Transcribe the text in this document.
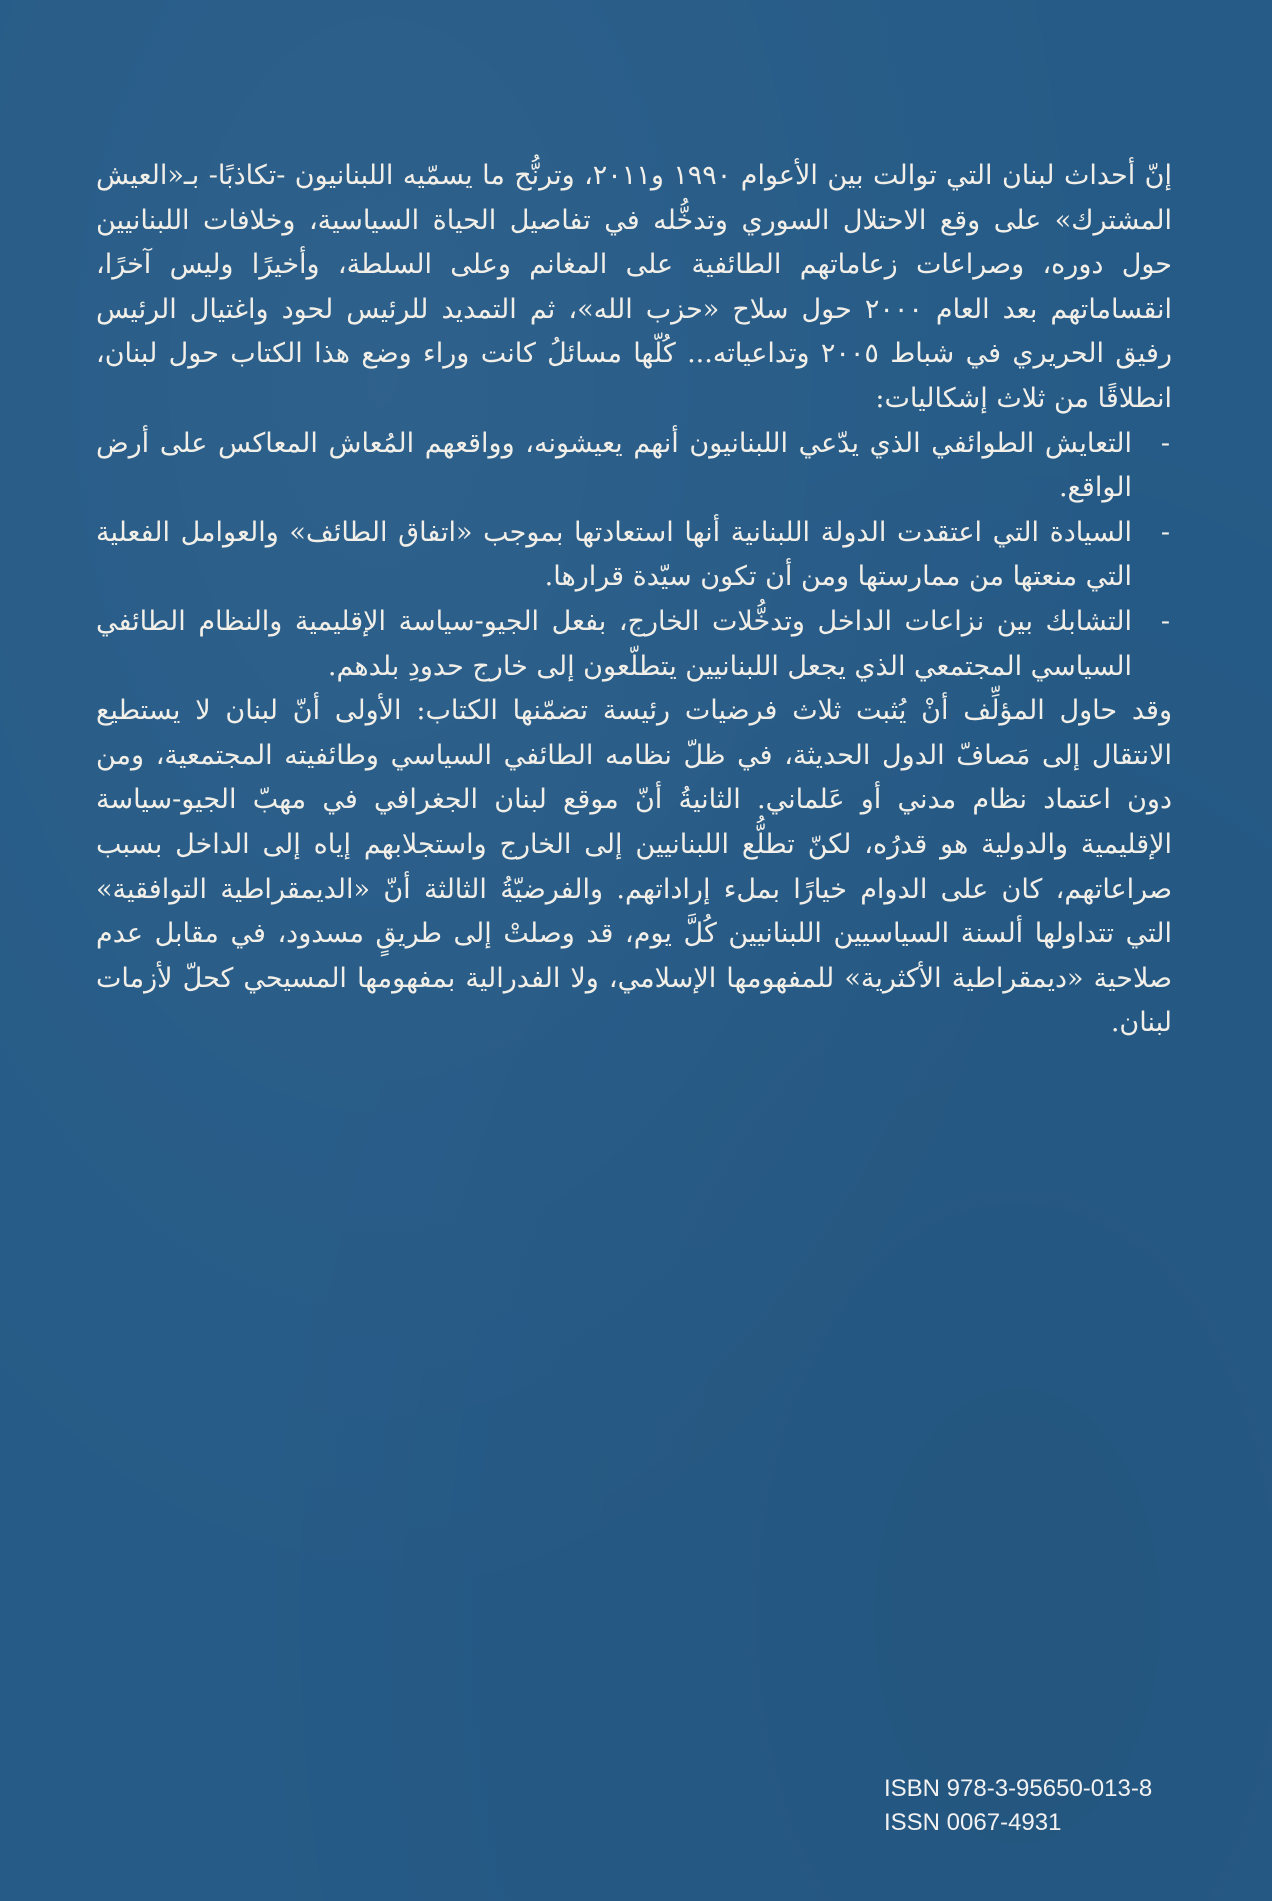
إنّ أحداث لبنان التي توالت بين الأعوام ١٩٩٠ و٢٠١١، وترنُّح ما يسمّيه اللبنانيون -تكاذبًا- بـ«العيش المشترك» على وقع الاحتلال السوري وتدخُّله في تفاصيل الحياة السياسية، وخلافات اللبنانيين حول دوره، وصراعات زعاماتهم الطائفية على المغانم وعلى السلطة، وأخيرًا وليس آخرًا، انقساماتهم بعد العام ٢٠٠٠ حول سلاح «حزب الله»، ثم التمديد للرئيس لحود واغتيال الرئيس رفيق الحريري في شباط ٢٠٠٥ وتداعياته... كُلّها مسائلُ كانت وراء وضع هذا الكتاب حول لبنان، انطلاقًا من ثلاث إشكاليات:

-
التعايش الطوائفي الذي يدّعي اللبنانيون أنهم يعيشونه، وواقعهم المُعاش المعاكس على أرض الواقع.
-
السيادة التي اعتقدت الدولة اللبنانية أنها استعادتها بموجب «اتفاق الطائف» والعوامل الفعلية التي منعتها من ممارستها ومن أن تكون سيّدة قرارها.
-
التشابك بين نزاعات الداخل وتدخُّلات الخارج، بفعل الجيو-سياسة الإقليمية والنظام الطائفي السياسي المجتمعي الذي يجعل اللبنانيين يتطلّعون إلى خارج حدودِ بلدهم.

وقد حاول المؤلِّف أنْ يُثبت ثلاث فرضيات رئيسة تضمّنها الكتاب: الأولى أنّ لبنان لا يستطيع الانتقال إلى مَصافّ الدول الحديثة، في ظلّ نظامه الطائفي السياسي وطائفيته المجتمعية، ومن دون اعتماد نظام مدني أو عَلماني. الثانيةُ أنّ موقع لبنان الجغرافي في مهبّ الجيو-سياسة الإقليمية والدولية هو قدرُه، لكنّ تطلُّع اللبنانيين إلى الخارج واستجلابهم إياه إلى الداخل بسبب صراعاتهم، كان على الدوام خيارًا بملء إراداتهم. والفرضيّةُ الثالثة أنّ «الديمقراطية التوافقية» التي تتداولها ألسنة السياسيين اللبنانيين كُلَّ يوم، قد وصلتْ إلى طريقٍ مسدود، في مقابل عدم صلاحية «ديمقراطية الأكثرية» للمفهومها الإسلامي، ولا الفدرالية بمفهومها المسيحي كحلّ لأزمات لبنان.

ISBN 978-3-95650-013-8
ISSN 0067-4931
